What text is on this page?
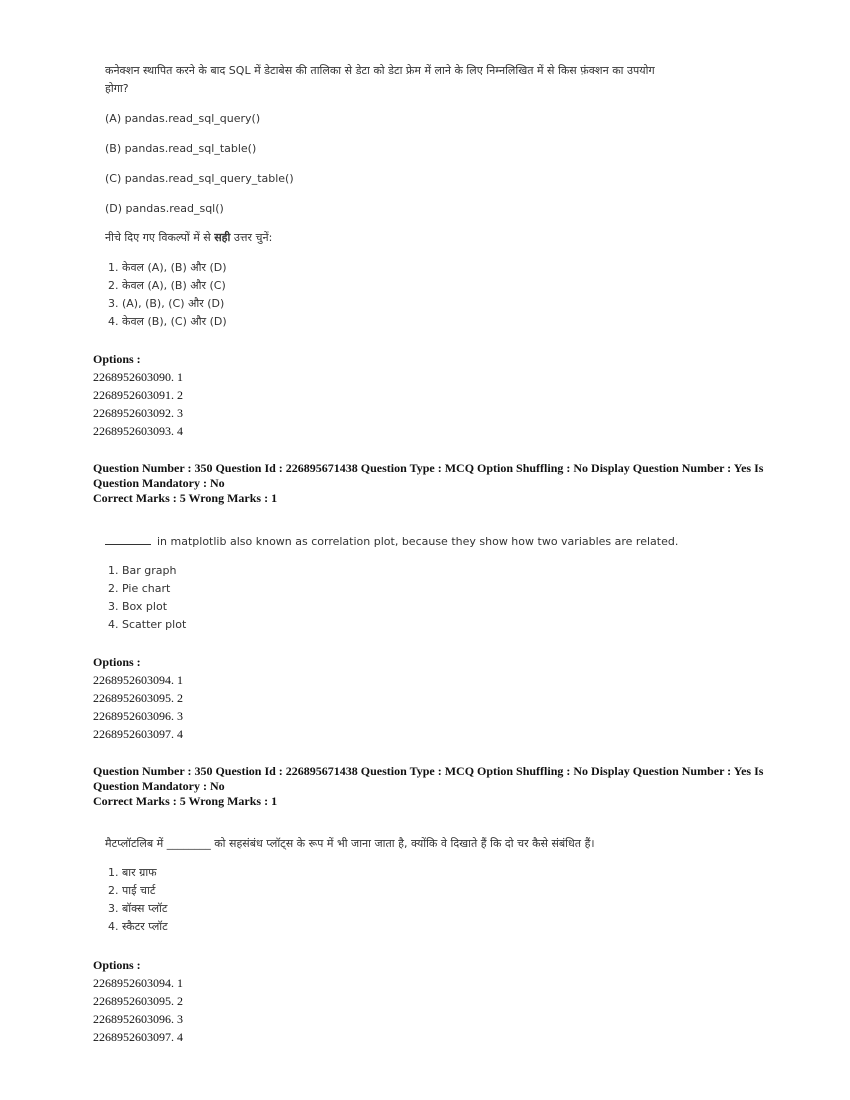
कनेक्शन स्थापित करने के बाद SQL में डेटाबेस की तालिका से डेटा को डेटा फ्रेम में लाने के लिए निम्नलिखित में से किस फ़ंक्शन का उपयोग
होगा?
(A) pandas.read_sql_query()
(B) pandas.read_sql_table()
(C) pandas.read_sql_query_table()
(D) pandas.read_sql()
नीचे दिए गए विकल्पों में से सही उत्तर चुनें:
1. केवल (A), (B) और (D)
2. केवल (A), (B) और (C)
3. (A), (B), (C) और (D)
4. केवल (B), (C) और (D)
Options :
2268952603090. 1
2268952603091. 2
2268952603092. 3
2268952603093. 4
Question Number : 350 Question Id : 226895671438 Question Type : MCQ Option Shuffling : No Display Question Number : Yes Is
Question Mandatory : No
Correct Marks : 5 Wrong Marks : 1
in matplotlib also known as correlation plot, because they show how two variables are related.
1. Bar graph
2. Pie chart
3. Box plot
4. Scatter plot
Options :
2268952603094. 1
2268952603095. 2
2268952603096. 3
2268952603097. 4
Question Number : 350 Question Id : 226895671438 Question Type : MCQ Option Shuffling : No Display Question Number : Yes Is
Question Mandatory : No
Correct Marks : 5 Wrong Marks : 1
मैटप्लॉटलिब में ________ को सहसंबंध प्लॉट्स के रूप में भी जाना जाता है, क्योंकि वे दिखाते हैं कि दो चर कैसे संबंधित हैं।
1. बार ग्राफ
2. पाई चार्ट
3. बॉक्स प्लॉट
4. स्कैटर प्लॉट
Options :
2268952603094. 1
2268952603095. 2
2268952603096. 3
2268952603097. 4
